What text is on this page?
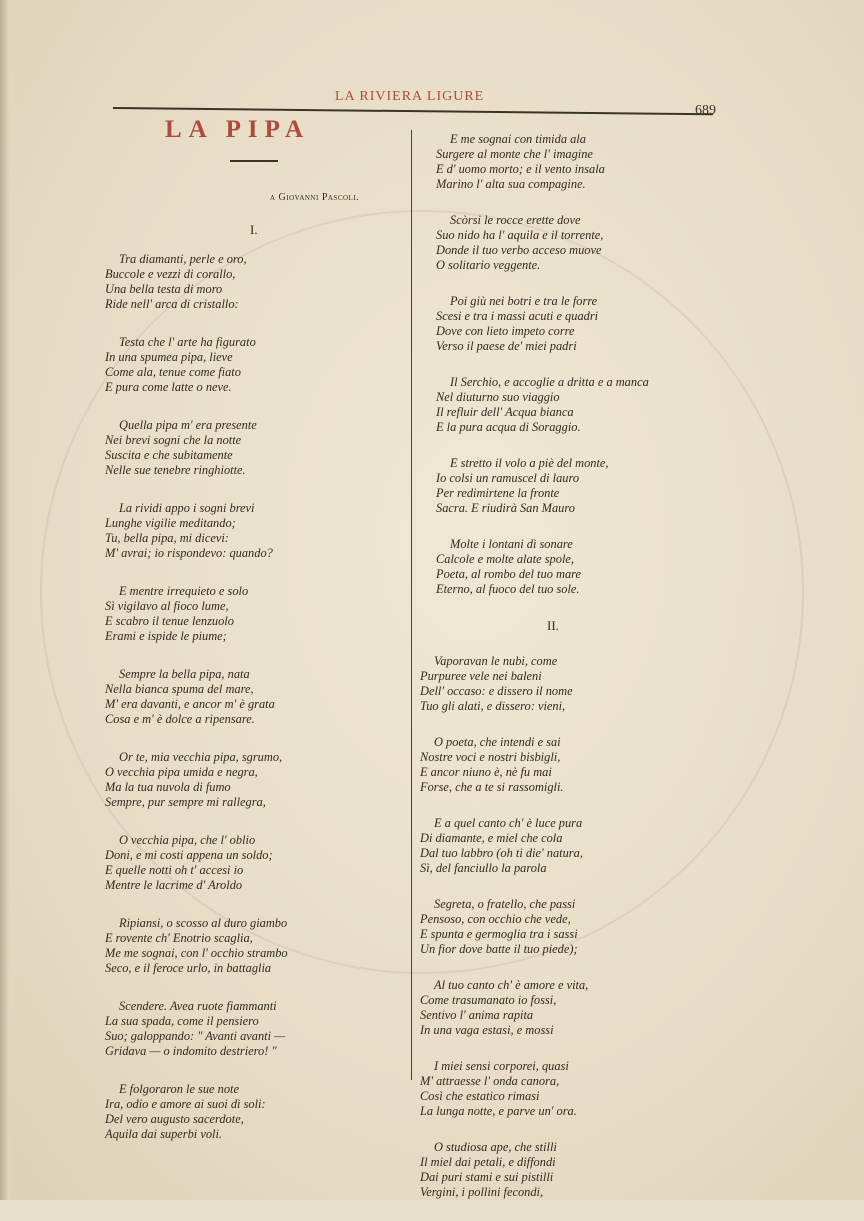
LA RIVIERA LIGURE
689
LA PIPA
a Giovanni Pascoli.
I.

Tra diamanti, perle e oro,
Buccole e vezzi di corallo,
Una bella testa di moro
Ride nell' arca di cristallo:

Testa che l' arte ha figurato
In una spumea pipa, lieve
Come ala, tenue come fiato
E pura come latte o neve.

Quella pipa m' era presente
Nei brevi sogni che la notte
Suscita e che subitamente
Nelle sue tenebre ringhiotte.

La rividi appo i sogni brevi
Lunghe vigilie meditando;
Tu, bella pipa, mi dicevi:
M' avrai; io rispondevo: quando?

E mentre irrequieto e solo
Sì vigilavo al fioco lume,
E scabro il tenue lenzuolo
Erami e ispide le piume;

Sempre la bella pipa, nata
Nella bianca spuma del mare,
M' era davanti, e ancor m' è grata
Cosa e m' è dolce a ripensare.

Or te, mia vecchia pipa, sgrumo,
O vecchia pipa umida e negra,
Ma la tua nuvola di fumo
Sempre, pur sempre mi rallegra,

O vecchia pipa, che l' oblio
Doni, e mi costi appena un soldo;
E quelle notti oh t' accesi io
Mentre le lacrime d' Aroldo

Ripiansi, o scosso al duro giambo
E rovente ch' Enotrio scaglia,
Me me sognai, con l' occhio strambo
Seco, e il feroce urlo, in battaglia

Scendere. Avea ruote fiammanti
La sua spada, come il pensiero
Suo; galoppando: " Avanti avanti —
Gridava — o indomito destriero! "

E folgoraron le sue note
Ira, odio e amore ai suoi dì soli:
Del vero augusto sacerdote,
Aquila dai superbi voli.

E me sognai con timida ala
Surgere al monte che l' imagine
E d' uomo morto; e il vento insala
Marino l' alta sua compagine.

Scòrsi le rocce erette dove
Suo nido ha l' aquila e il torrente,
Donde il tuo verbo acceso muove
O solitario veggente.

Poi giù nei botri e tra le forre
Scesi e tra i massi acuti e quadri
Dove con lieto impeto corre
Verso il paese de' miei padri

Il Serchio, e accoglie a dritta e a manca
Nel diuturno suo viaggio
Il refluir dell' Acqua bianca
E la pura acqua di Soraggio.

E stretto il volo a piè del monte,
Io colsi un ramuscel di lauro
Per redimirtene la fronte
Sacra. E riudirà San Mauro

Molte i lontani dì sonare
Calcole e molte alate spole,
Poeta, al rombo del tuo mare
Eterno, al fuoco del tuo sole.

II.

Vaporavan le nubi, come
Purpuree vele nei baleni
Dell' occaso: e dissero il nome
Tuo gli alati, e dissero: vieni,

O poeta, che intendi e sai
Nostre voci e nostri bisbigli,
E ancor niuno è, nè fu mai
Forse, che a te si rassomigli.

E a quel canto ch' è luce pura
Di diamante, e miel che cola
Dal tuo labbro (oh ti die' natura,
Sì, del fanciullo la parola

Segreta, o fratello, che passi
Pensoso, con occhio che vede,
E spunta e germoglia tra i sassi
Un fior dove batte il tuo piede);

Al tuo canto ch' è amore e vita,
Come trasumanato io fossi,
Sentivo l' anima rapita
In una vaga estasi, e mossi

I miei sensi corporei, quasi
M' attraesse l' onda canora,
Così che estatico rimasi
La lunga notte, e parve un' ora.

O studiosa ape, che stilli
Il miel dai petali, e diffondi
Dai puri stami e sui pistilli
Vergini, i pollini fecondi,
